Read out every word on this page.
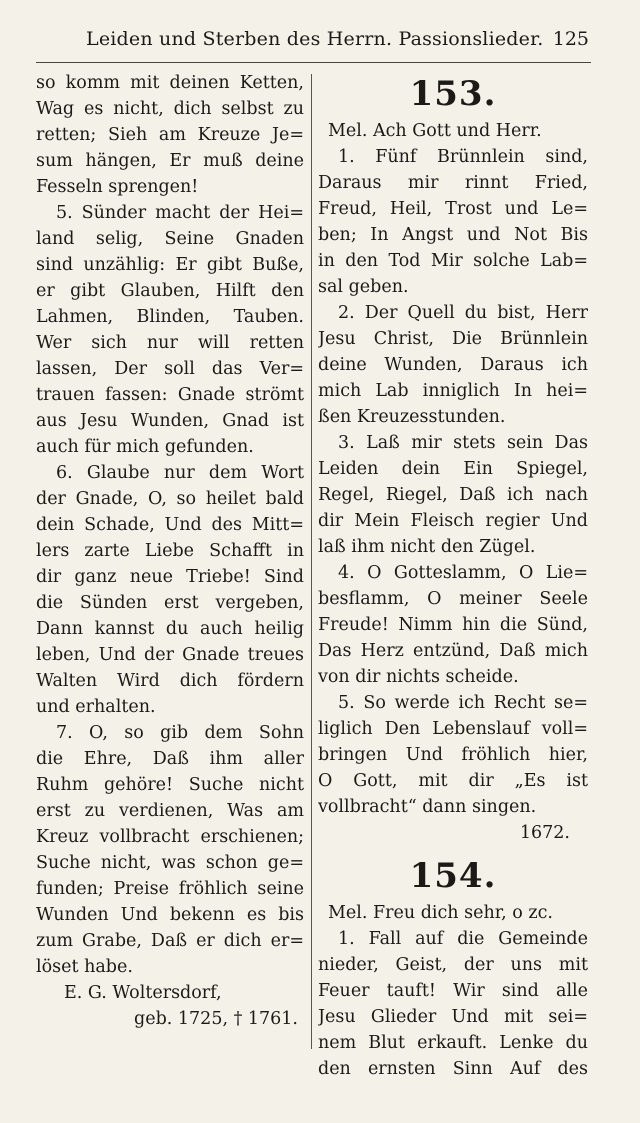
Leiden und Sterben des Herrn. Passionslieder. 125
so komm mit deinen Ketten,
Wag es nicht, dich selbst zu
retten; Sieh am Kreuze Je=
sum hängen, Er muß deine
Fesseln sprengen!
5. Sünder macht der Hei=
land selig, Seine Gnaden
sind unzählig: Er gibt Buße,
er gibt Glauben, Hilft den
Lahmen, Blinden, Tauben.
Wer sich nur will retten
lassen, Der soll das Ver=
trauen fassen: Gnade strömt
aus Jesu Wunden, Gnad ist
auch für mich gefunden.
6. Glaube nur dem Wort
der Gnade, O, so heilet bald
dein Schade, Und des Mitt=
lers zarte Liebe Schafft in
dir ganz neue Triebe! Sind
die Sünden erst vergeben,
Dann kannst du auch heilig
leben, Und der Gnade treues
Walten Wird dich fördern
und erhalten.
7. O, so gib dem Sohn
die Ehre, Daß ihm aller
Ruhm gehöre! Suche nicht
erst zu verdienen, Was am
Kreuz vollbracht erschienen;
Suche nicht, was schon ge=
funden; Preise fröhlich seine
Wunden Und bekenn es bis
zum Grabe, Daß er dich er=
löset habe.
E. G. Woltersdorf,
geb. 1725, † 1761.
153.
Mel. Ach Gott und Herr.
1. Fünf Brünnlein sind,
Daraus mir rinnt Fried,
Freud, Heil, Trost und Le=
ben; In Angst und Not Bis
in den Tod Mir solche Lab=
sal geben.
2. Der Quell du bist, Herr
Jesu Christ, Die Brünnlein
deine Wunden, Daraus ich
mich Lab inniglich In hei=
ßen Kreuzesstunden.
3. Laß mir stets sein Das
Leiden dein Ein Spiegel,
Regel, Riegel, Daß ich nach
dir Mein Fleisch regier Und
laß ihm nicht den Zügel.
4. O Gotteslamm, O Lie=
besflamm, O meiner Seele
Freude! Nimm hin die Sünd,
Das Herz entzünd, Daß mich
von dir nichts scheide.
5. So werde ich Recht se=
liglich Den Lebenslauf voll=
bringen Und fröhlich hier,
O Gott, mit dir „Es ist
vollbracht“ dann singen.
1672.
154.
Mel. Freu dich sehr, o zc.
1. Fall auf die Gemeinde
nieder, Geist, der uns mit
Feuer tauft! Wir sind alle
Jesu Glieder Und mit sei=
nem Blut erkauft. Lenke du
den ernsten Sinn Auf des
